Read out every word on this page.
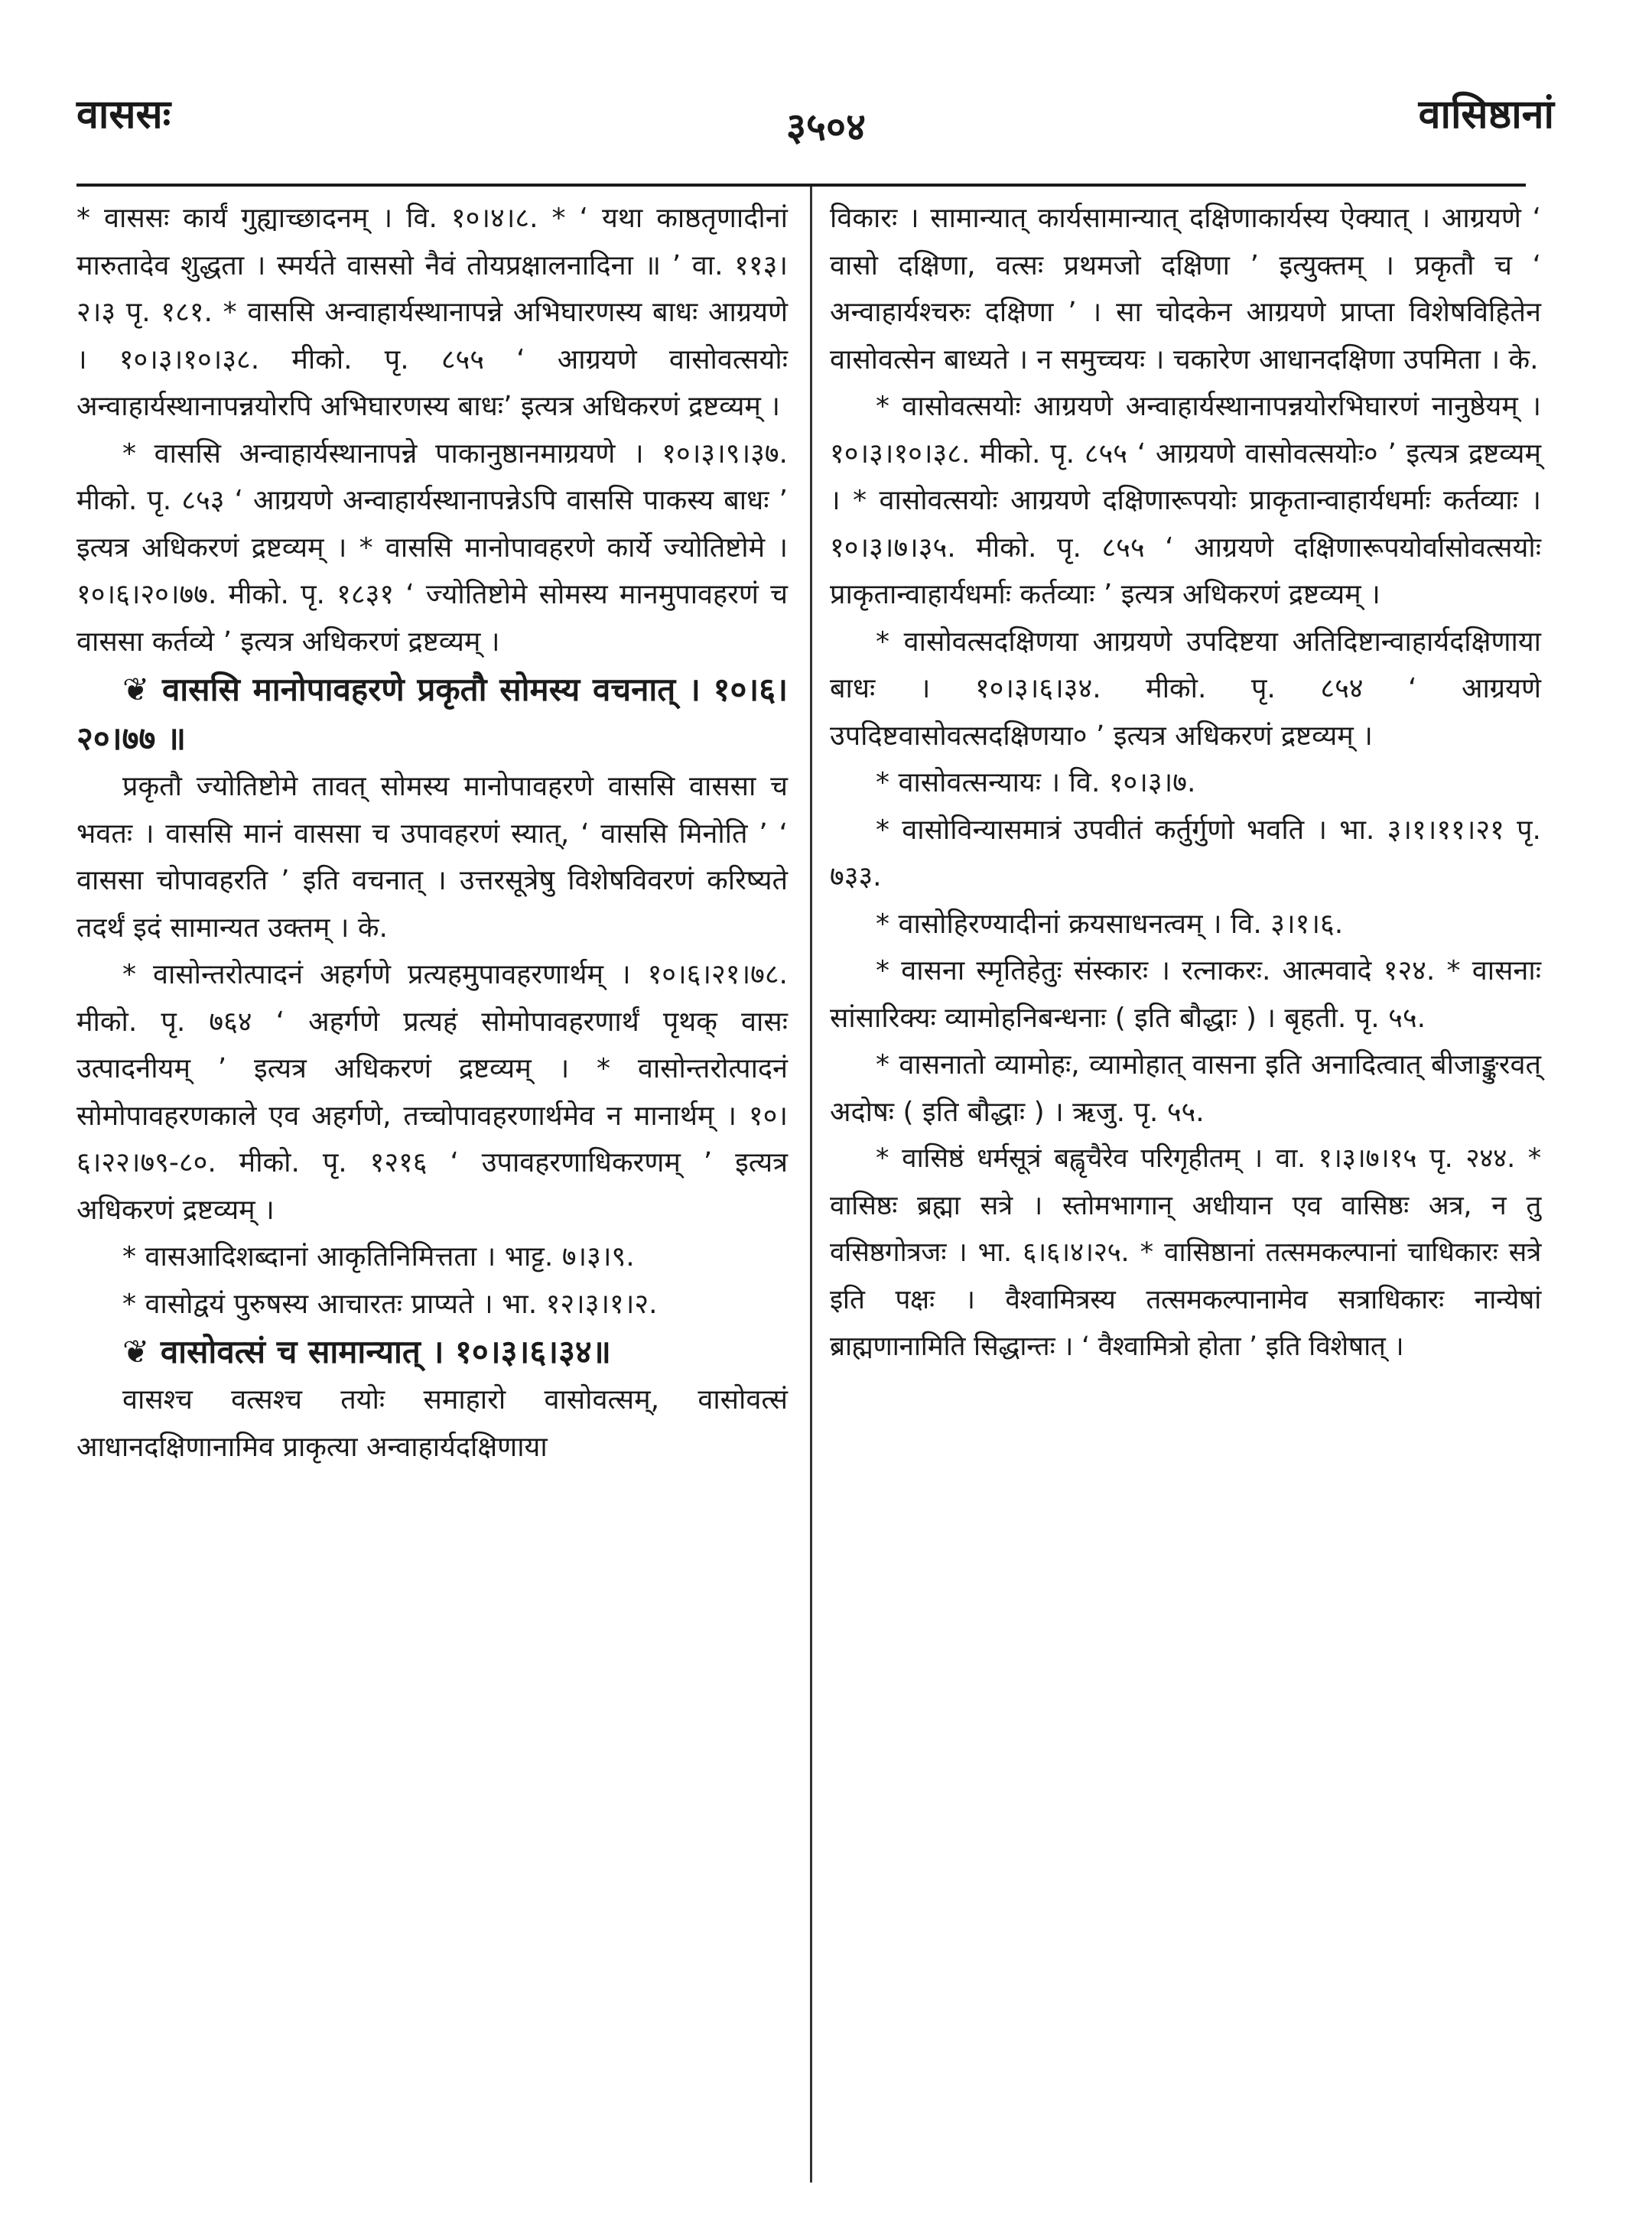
वाससः	३५०४	वासिष्ठानां

* वाससः कार्यं गुह्याच्छादनम् । वि. १०।४।८. * ‘ यथा काष्ठतृणादीनां मारुतादेव शुद्धता । स्मर्यते वाससो नैवं तोयप्रक्षालनादिना ॥ ’ वा. ११३।२।३ पृ. १८१. * वाससि अन्वाहार्यस्थानापन्ने अभिघारणस्य बाधः आग्रयणे । १०।३।१०।३८. मीको. पृ. ८५५ ‘ आग्रयणे वासोवत्सयोः अन्वाहार्यस्थानापन्नयोरपि अभिघारणस्य बाधः’ इत्यत्र अधिकरणं द्रष्टव्यम् ।

* वाससि अन्वाहार्यस्थानापन्ने पाकानुष्ठानमाग्रयणे । १०।३।९।३७. मीको. पृ. ८५३ ‘ आग्रयणे अन्वाहार्यस्थानापन्नेऽपि वाससि पाकस्य बाधः ’ इत्यत्र अधिकरणं द्रष्टव्यम् । * वाससि मानोपावहरणे कार्ये ज्योतिष्टोमे । १०।६।२०।७७. मीको. पृ. १८३१ ‘ ज्योतिष्टोमे सोमस्य मानमुपावहरणं च वाससा कर्तव्ये ’ इत्यत्र अधिकरणं द्रष्टव्यम् ।

❦ वाससि मानोपावहरणे प्रकृतौ सोमस्य वचनात् । १०।६।२०।७७ ॥

प्रकृतौ ज्योतिष्टोमे तावत् सोमस्य मानोपावहरणे वाससि वाससा च भवतः । वाससि मानं वाससा च उपावहरणं स्यात्, ‘ वाससि मिनोति ’ ‘ वाससा चोपावहरति ’ इति वचनात् । उत्तरसूत्रेषु विशेषविवरणं करिष्यते तदर्थं इदं सामान्यत उक्तम् । के.

* वासोन्तरोत्पादनं अहर्गणे प्रत्यहमुपावहरणार्थम् । १०।६।२१।७८. मीको. पृ. ७६४ ‘ अहर्गणे प्रत्यहं सोमोपावहरणार्थं पृथक् वासः उत्पादनीयम् ’ इत्यत्र अधिकरणं द्रष्टव्यम् । * वासोन्तरोत्पादनं सोमोपावहरणकाले एव अहर्गणे, तच्चोपावहरणार्थमेव न मानार्थम् । १०।६।२२।७९-८०. मीको. पृ. १२१६ ‘ उपावहरणाधिकरणम् ’ इत्यत्र अधिकरणं द्रष्टव्यम् ।

* वासआदिशब्दानां आकृतिनिमित्तता । भाट्ट. ७।३।९.

* वासोद्वयं पुरुषस्य आचारतः प्राप्यते । भा. १२।३।१।२.

❦ वासोवत्सं च सामान्यात् । १०।३।६।३४॥

वासश्च वत्सश्च तयोः समाहारो वासोवत्सम्, वासोवत्सं आधानदक्षिणानामिव प्राकृत्या अन्वाहार्यदक्षिणाया

विकारः । सामान्यात् कार्यसामान्यात् दक्षिणाकार्यस्य ऐक्यात् । आग्रयणे ‘ वासो दक्षिणा, वत्सः प्रथमजो दक्षिणा ’ इत्युक्तम् । प्रकृतौ च ‘ अन्वाहार्यश्चरुः दक्षिणा ’ । सा चोदकेन आग्रयणे प्राप्ता विशेषविहितेन वासोवत्सेन बाध्यते । न समुच्चयः । चकारेण आधानदक्षिणा उपमिता । के.

* वासोवत्सयोः आग्रयणे अन्वाहार्यस्थानापन्नयोरभिघारणं नानुष्ठेयम् । १०।३।१०।३८. मीको. पृ. ८५५ ‘ आग्रयणे वासोवत्सयोः० ’ इत्यत्र द्रष्टव्यम् । * वासोवत्सयोः आग्रयणे दक्षिणारूपयोः प्राकृतान्वाहार्यधर्माः कर्तव्याः । १०।३।७।३५. मीको. पृ. ८५५ ‘ आग्रयणे दक्षिणारूपयोर्वासोवत्सयोः प्राकृतान्वाहार्यधर्माः कर्तव्याः ’ इत्यत्र अधिकरणं द्रष्टव्यम् ।

* वासोवत्सदक्षिणया आग्रयणे उपदिष्टया अतिदिष्टान्वाहार्यदक्षिणाया बाधः । १०।३।६।३४. मीको. पृ. ८५४ ‘ आग्रयणे उपदिष्टवासोवत्सदक्षिणया० ’ इत्यत्र अधिकरणं द्रष्टव्यम् ।

* वासोवत्सन्यायः । वि. १०।३।७.

* वासोविन्यासमात्रं उपवीतं कर्तुर्गुणो भवति । भा. ३।१।११।२१ पृ. ७३३.

* वासोहिरण्यादीनां क्रयसाधनत्वम् । वि. ३।१।६.

* वासना स्मृतिहेतुः संस्कारः । रत्नाकरः. आत्मवादे १२४. * वासनाः सांसारिक्यः व्यामोहनिबन्धनाः ( इति बौद्धाः ) । बृहती. पृ. ५५.

* वासनातो व्यामोहः, व्यामोहात् वासना इति अनादित्वात् बीजाङ्कुरवत् अदोषः ( इति बौद्धाः ) । ऋजु. पृ. ५५.

* वासिष्ठं धर्मसूत्रं बह्वृचैरेव परिगृहीतम् । वा. १।३।७।१५ पृ. २४४. * वासिष्ठः ब्रह्मा सत्रे । स्तोमभागान् अधीयान एव वासिष्ठः अत्र, न तु वसिष्ठगोत्रजः । भा. ६।६।४।२५. * वासिष्ठानां तत्समकल्पानां चाधिकारः सत्रे इति पक्षः । वैश्वामित्रस्य तत्समकल्पानामेव सत्राधिकारः नान्येषां ब्राह्मणानामिति सिद्धान्तः । ‘ वैश्वामित्रो होता ’ इति विशेषात् ।
